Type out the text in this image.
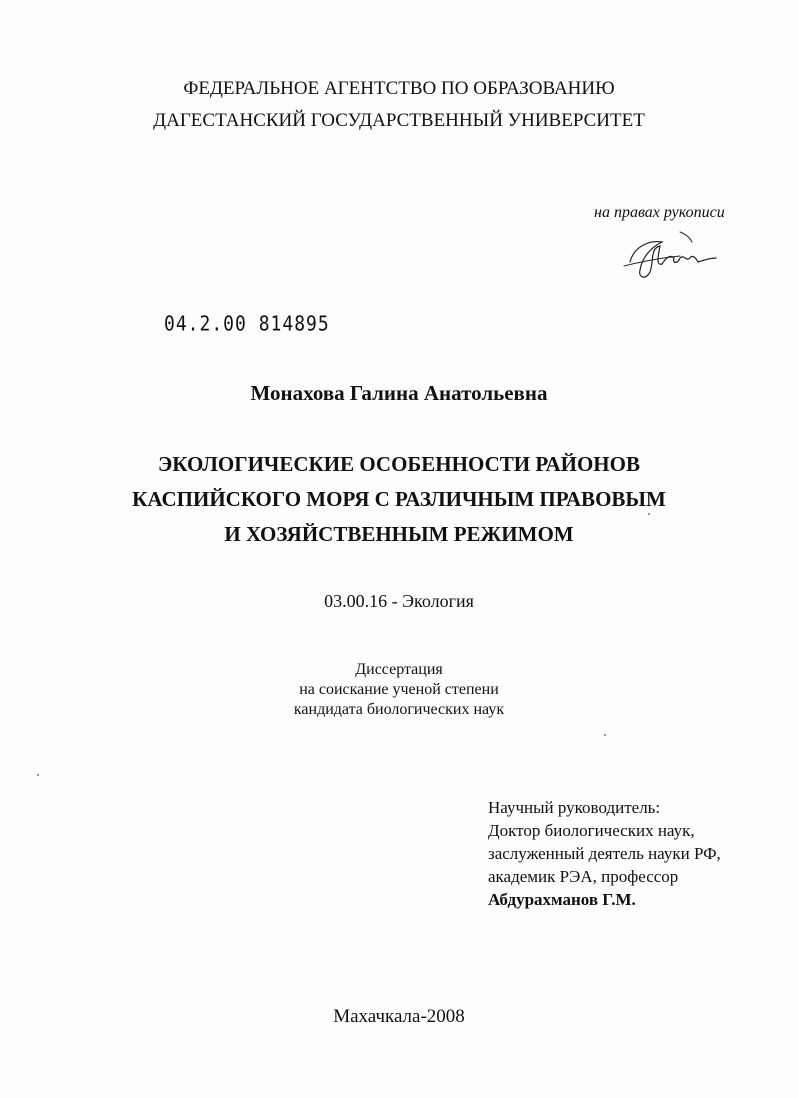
ФЕДЕРАЛЬНОЕ АГЕНТСТВО ПО ОБРАЗОВАНИЮ
ДАГЕСТАНСКИЙ ГОСУДАРСТВЕННЫЙ УНИВЕРСИТЕТ
на правах рукописи
04.2.00 814895
Монахова Галина Анатольевна
ЭКОЛОГИЧЕСКИЕ ОСОБЕННОСТИ РАЙОНОВ
КАСПИЙСКОГО МОРЯ С РАЗЛИЧНЫМ ПРАВОВЫМ
И ХОЗЯЙСТВЕННЫМ РЕЖИМОМ
03.00.16 - Экология
Диссертация
на соискание ученой степени
кандидата биологических наук
Научный руководитель:
Доктор биологических наук,
заслуженный деятель науки РФ,
академик РЭА, профессор
Абдурахманов Г.М.
Махачкала-2008
